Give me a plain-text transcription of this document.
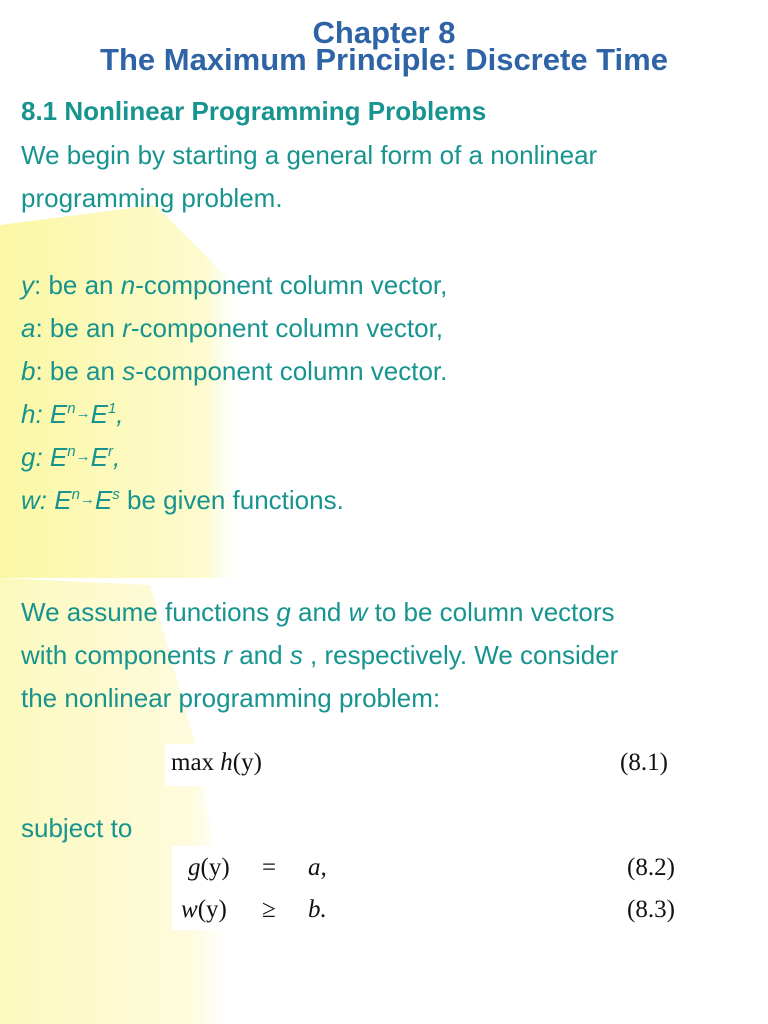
Chapter 8
The Maximum Principle: Discrete Time
8.1 Nonlinear Programming Problems
We begin by starting a general form of a nonlinear
programming problem.
y: be an n-component column vector,
a: be an r-component column vector,
b: be an s-component column vector.
h: $E^n\to E^1$,
g: $E^n\to E^r$,
w: $E^n\to E^s$ be given functions.
We assume functions g and w to be column vectors
with components r and s , respectively. We consider
the nonlinear programming problem:
max h(y)	(8.1)
subject to
g(y) = a,	(8.2)
w(y) ≥ b.	(8.3)
